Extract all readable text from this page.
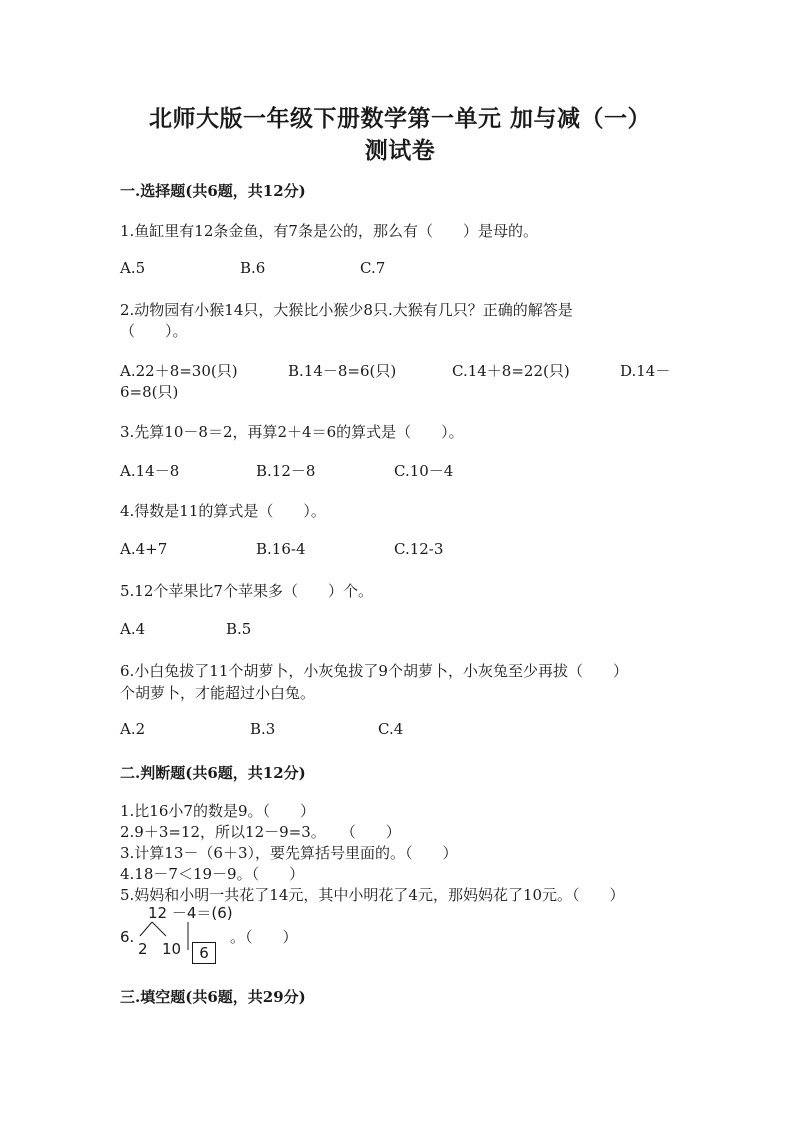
北师大版一年级下册数学第一单元 加与减（一）
测试卷
一.选择题(共6题，共12分)
1.鱼缸里有12条金鱼，有7条是公的，那么有（　　）是母的。
A.5	B.6	C.7
2.动物园有小猴14只，大猴比小猴少8只.大猴有几只？正确的解答是
（　　）。
A.22＋8=30(只)	B.14－8=6(只)	C.14＋8=22(只)	D.14－
6=8(只)
3.先算10－8＝2，再算2＋4＝6的算式是（　　）。
A.14－8	B.12－8	C.10－4
4.得数是11的算式是（　　）。
A.4+7	B.16-4	C.12-3
5.12个苹果比7个苹果多（　　）个。
A.4	B.5
6.小白兔拔了11个胡萝卜，小灰兔拔了9个胡萝卜，小灰兔至少再拔（　　）
个胡萝卜，才能超过小白兔。
A.2	B.3	C.4
二.判断题(共6题，共12分)
1.比16小7的数是9。（　　）
2.9＋3=12，所以12－9=3。　　（　　）
3.计算13－（6＋3），要先算括号里面的。（　　）
4.18－7＜19－9。（　　）
5.妈妈和小明一共花了14元，其中小明花了4元，那妈妈花了10元。（　　）
12 －4＝(6)
6.
2 10	6
。（　　）
三.填空题(共6题，共29分)
